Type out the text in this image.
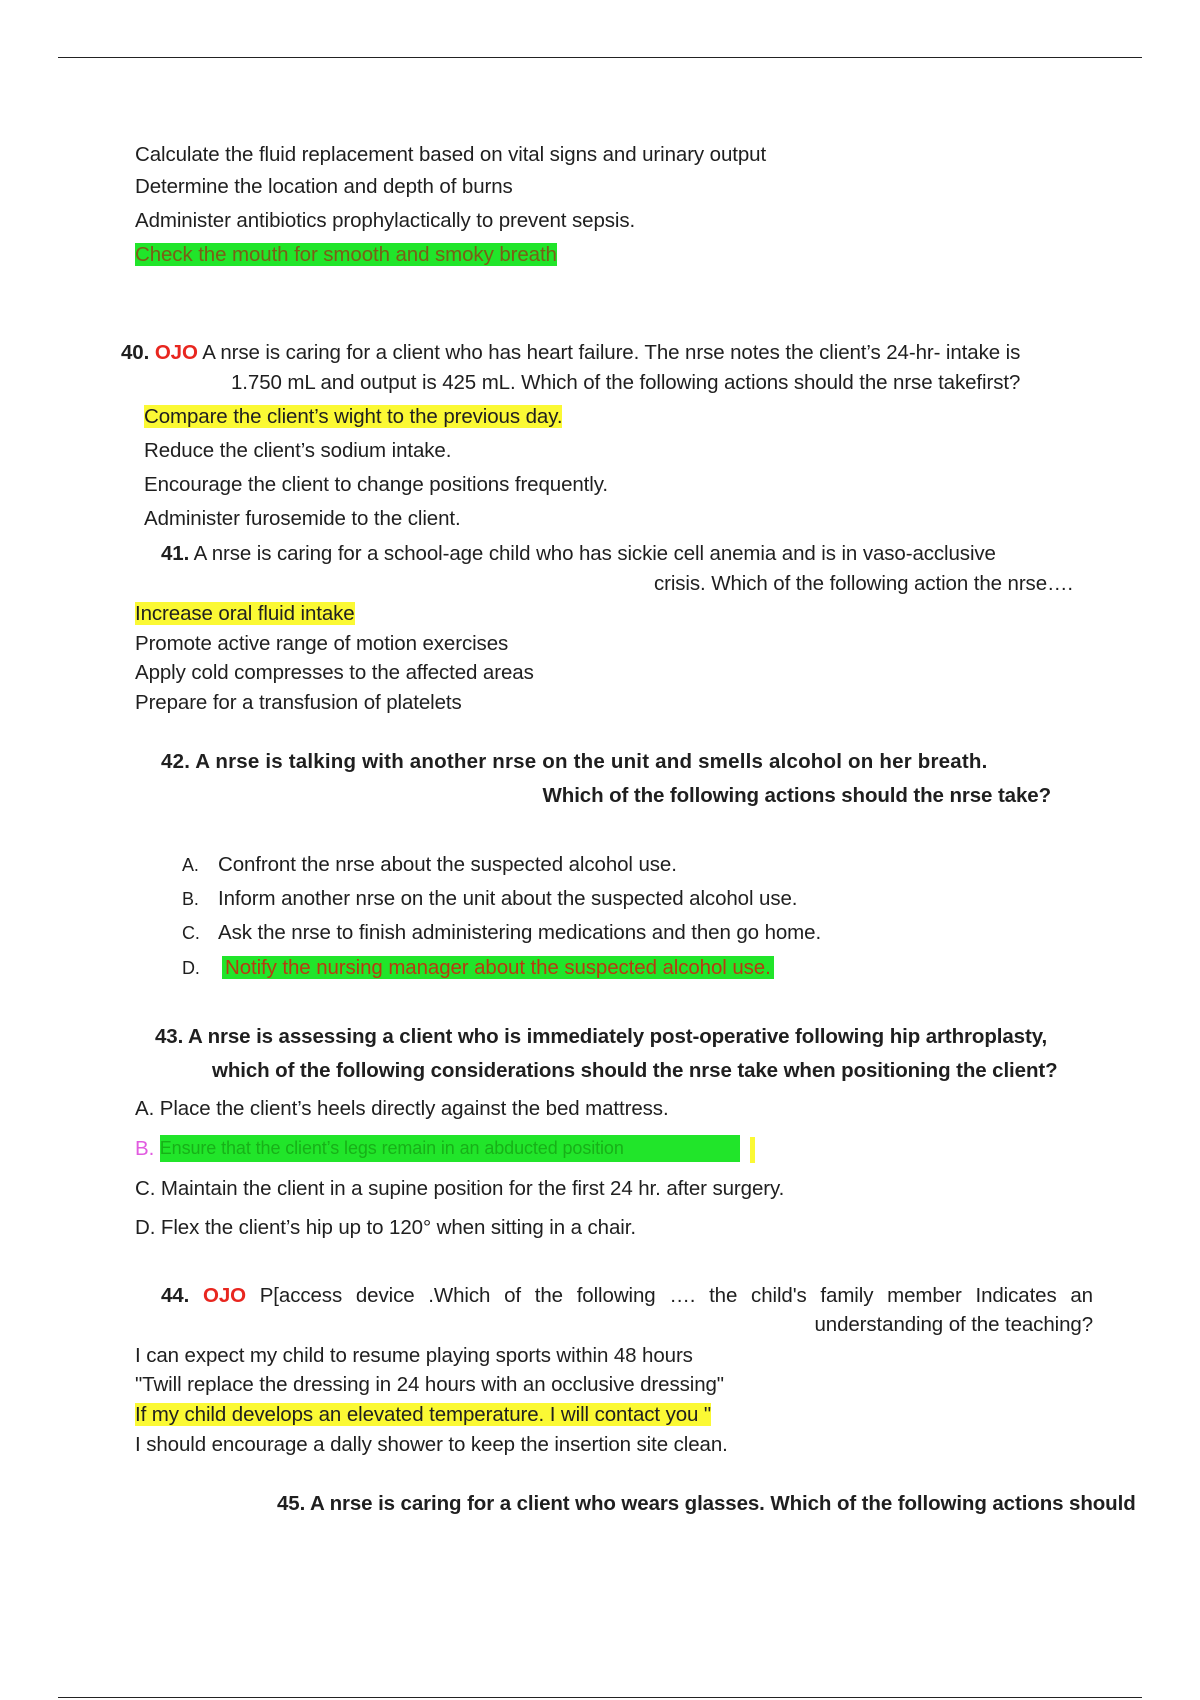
Calculate the fluid replacement based on vital signs and urinary output
Determine the location and depth of burns
Administer antibiotics prophylactically to prevent sepsis.
Check the mouth for smooth and smoky breath
40. OJO A nrse is caring for a client who has heart failure. The nrse notes the client’s 24-hr- intake is
1.750 mL and output is 425 mL. Which of the following actions should the nrse takefirst?
Compare the client’s wight to the previous day.
Reduce the client’s sodium intake.
Encourage the client to change positions frequently.
Administer furosemide to the client.
41. A nrse is caring for a school-age child who has sickie cell anemia and is in vaso-acclusive
crisis. Which of the following action the nrse….
Increase oral fluid intake
Promote active range of motion exercises
Apply cold compresses to the affected areas
Prepare for a transfusion of platelets
42. A nrse is talking with another nrse on the unit and smells alcohol on her breath.
Which of the following actions should the nrse take?
A. Confront the nrse about the suspected alcohol use.
B. Inform another nrse on the unit about the suspected alcohol use.
C. Ask the nrse to finish administering medications and then go home.
D. Notify the nursing manager about the suspected alcohol use.
43. A nrse is assessing a client who is immediately post-operative following hip arthroplasty,
which of the following considerations should the nrse take when positioning the client?
A. Place the client’s heels directly against the bed mattress.
B. Ensure that the client’s legs remain in an abducted position
C. Maintain the client in a supine position for the first 24 hr. after surgery.
D. Flex the client’s hip up to 120° when sitting in a chair.
44. OJO P[access device .Which of the following …. the child's family member Indicates an
understanding of the teaching?
I can expect my child to resume playing sports within 48 hours
"Twill replace the dressing in 24 hours with an occlusive dressing"
If my child develops an elevated temperature. I will contact you "
I should encourage a dally shower to keep the insertion site clean.
45. A nrse is caring for a client who wears glasses. Which of the following actions should
